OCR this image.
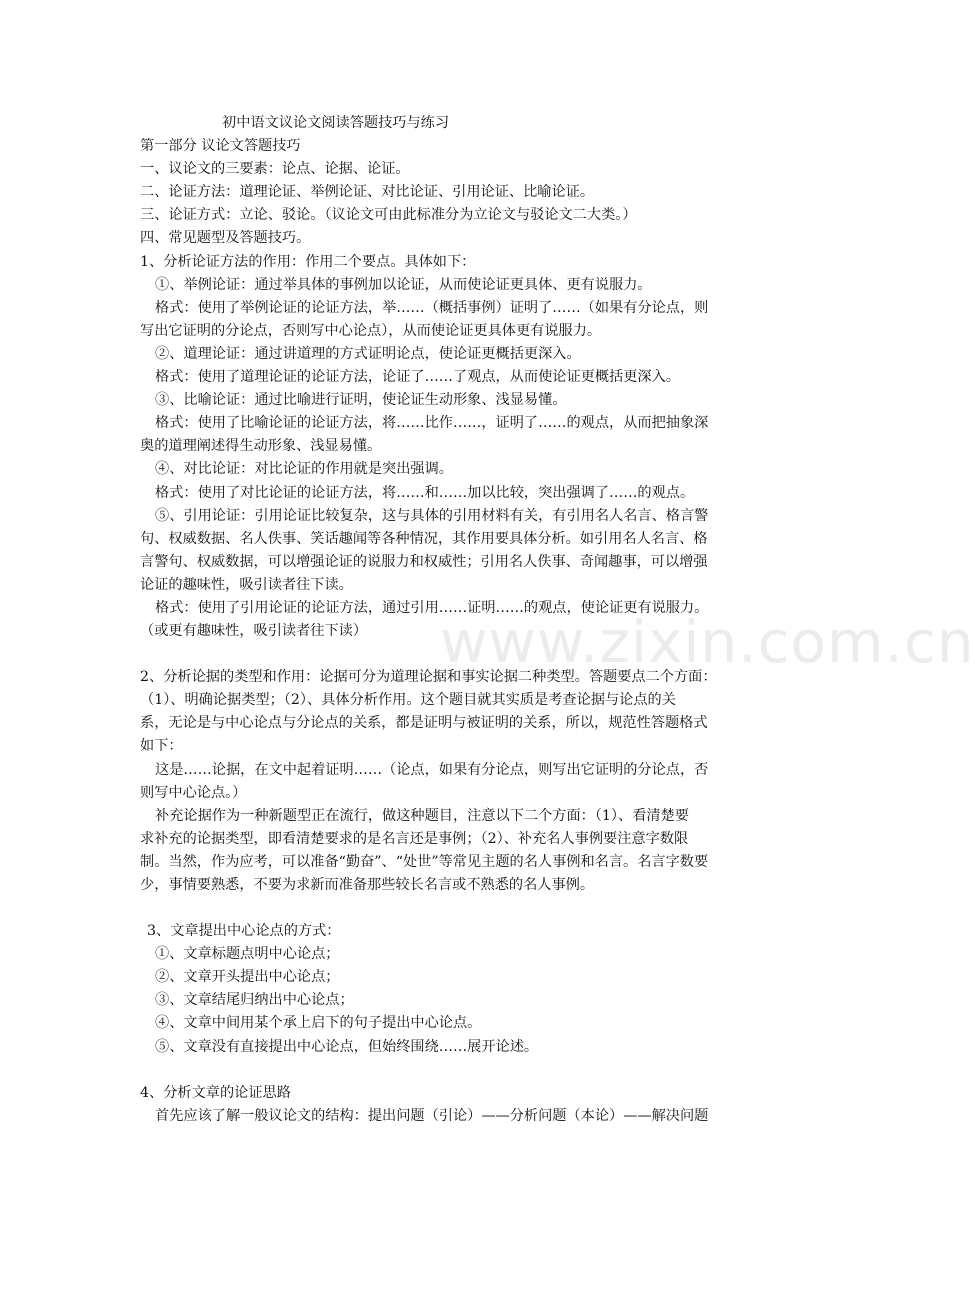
www.zixin.com.cn
初中语文议论文阅读答题技巧与练习
第一部分 议论文答题技巧
一、议论文的三要素：论点、论据、论证。
二、论证方法：道理论证、举例论证、对比论证、引用论证、比喻论证。
三、论证方式：立论、驳论。（议论文可由此标准分为立论文与驳论文二大类。）
四、常见题型及答题技巧。
1、分析论证方法的作用：作用二个要点。具体如下：
①、举例论证：通过举具体的事例加以论证，从而使论证更具体、更有说服力。
格式：使用了举例论证的论证方法，举……（概括事例）证明了……（如果有分论点，则
写出它证明的分论点，否则写中心论点），从而使论证更具体更有说服力。
②、道理论证：通过讲道理的方式证明论点，使论证更概括更深入。
格式：使用了道理论证的论证方法，论证了……了观点，从而使论证更概括更深入。
③、比喻论证：通过比喻进行证明，使论证生动形象、浅显易懂。
格式：使用了比喻论证的论证方法，将……比作……，证明了……的观点，从而把抽象深
奥的道理阐述得生动形象、浅显易懂。
④、对比论证：对比论证的作用就是突出强调。
格式：使用了对比论证的论证方法，将……和……加以比较，突出强调了……的观点。
⑤、引用论证：引用论证比较复杂，这与具体的引用材料有关，有引用名人名言、格言警
句、权威数据、名人佚事、笑话趣闻等各种情况，其作用要具体分析。如引用名人名言、格
言警句、权威数据，可以增强论证的说服力和权威性；引用名人佚事、奇闻趣事，可以增强
论证的趣味性，吸引读者往下读。
格式：使用了引用论证的论证方法，通过引用……证明……的观点，使论证更有说服力。
（或更有趣味性，吸引读者往下读）
2、分析论据的类型和作用：论据可分为道理论据和事实论据二种类型。答题要点二个方面：
（1）、明确论据类型；（2）、具体分析作用。这个题目就其实质是考查论据与论点的关
系，无论是与中心论点与分论点的关系，都是证明与被证明的关系，所以，规范性答题格式
如下：
这是……论据，在文中起着证明……（论点，如果有分论点，则写出它证明的分论点，否
则写中心论点。）
补充论据作为一种新题型正在流行，做这种题目，注意以下二个方面：（1）、看清楚要
求补充的论据类型，即看清楚要求的是名言还是事例；（2）、补充名人事例要注意字数限
制。当然，作为应考，可以准备“勤奋”、“处世”等常见主题的名人事例和名言。名言字数要
少，事情要熟悉，不要为求新而准备那些较长名言或不熟悉的名人事例。
3、文章提出中心论点的方式：
①、文章标题点明中心论点；
②、文章开头提出中心论点；
③、文章结尾归纳出中心论点；
④、文章中间用某个承上启下的句子提出中心论点。
⑤、文章没有直接提出中心论点，但始终围绕……展开论述。
4、分析文章的论证思路
首先应该了解一般议论文的结构：提出问题（引论）——分析问题（本论）——解决问题
